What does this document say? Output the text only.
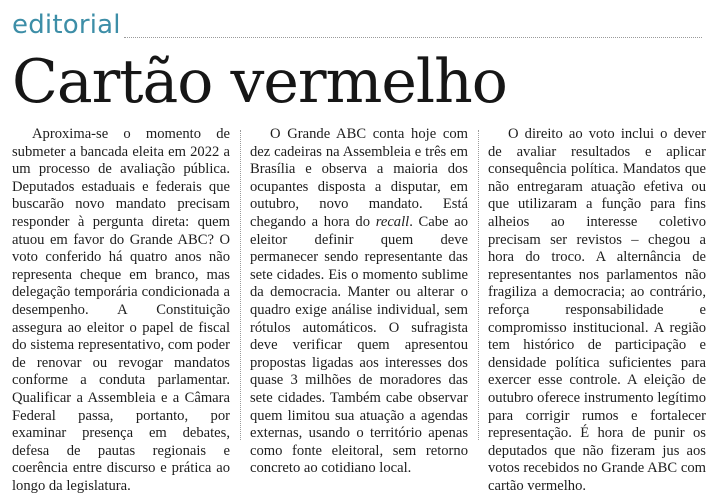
editorial
Cartão vermelho

Aproxima-se o momento de submeter a bancada eleita em 2022 a um processo de avaliação pública. Deputados estaduais e federais que buscarão novo mandato precisam responder à pergunta direta: quem atuou em favor do Grande ABC? O voto conferido há quatro anos não representa cheque em branco, mas delegação temporária condicionada a desempenho. A Constituição assegura ao eleitor o papel de fiscal do sistema representativo, com poder de renovar ou revogar mandatos conforme a conduta parlamentar. Qualificar a Assembleia e a Câmara Federal passa, portanto, por examinar presença em debates, defesa de pautas regionais e coerência entre discurso e prática ao longo da legislatura.

O Grande ABC conta hoje com dez cadeiras na Assembleia e três em Brasília e observa a maioria dos ocupantes disposta a disputar, em outubro, novo mandato. Está chegando a hora do recall. Cabe ao eleitor definir quem deve permanecer sendo representante das sete cidades. Eis o momento sublime da democracia. Manter ou alterar o quadro exige análise individual, sem rótulos automáticos. O sufragista deve verificar quem apresentou propostas ligadas aos interesses dos quase 3 milhões de moradores das sete cidades. Também cabe observar quem limitou sua atuação a agendas externas, usando o território apenas como fonte eleitoral, sem retorno concreto ao cotidiano local.

O direito ao voto inclui o dever de avaliar resultados e aplicar consequência política. Mandatos que não entregaram atuação efetiva ou que utilizaram a função para fins alheios ao interesse coletivo precisam ser revistos – chegou a hora do troco. A alternância de representantes nos parlamentos não fragiliza a democracia; ao contrário, reforça responsabilidade e compromisso institucional. A região tem histórico de participação e densidade política suficientes para exercer esse controle. A eleição de outubro oferece instrumento legítimo para corrigir rumos e fortalecer representação. É hora de punir os deputados que não fizeram jus aos votos recebidos no Grande ABC com cartão vermelho.
